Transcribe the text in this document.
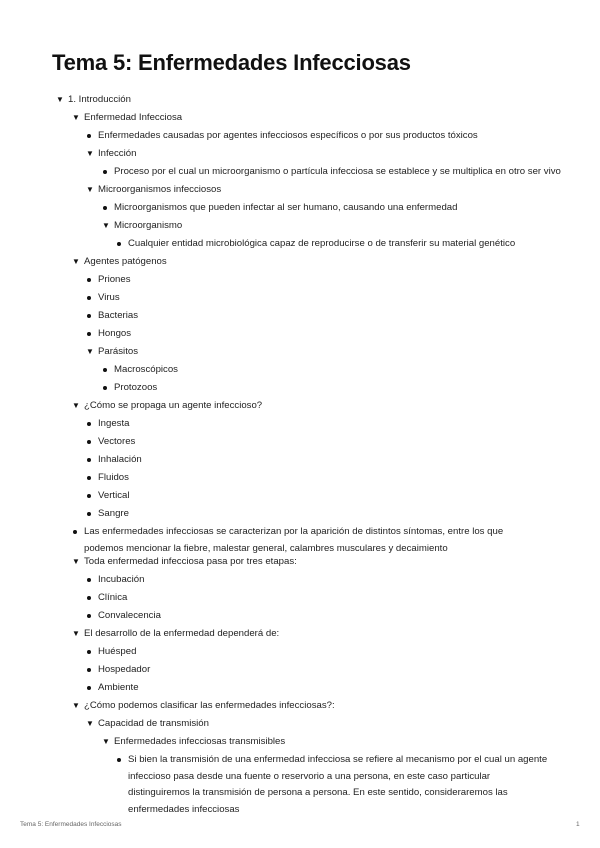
Tema 5: Enfermedades Infecciosas
▼ 1. Introducción
▼ Enfermedad Infecciosa
Enfermedades causadas por agentes infecciosos específicos o por sus productos tóxicos
▼ Infección
Proceso por el cual un microorganismo o partícula infecciosa se establece y se multiplica en otro ser vivo
▼ Microorganismos infecciosos
Microorganismos que pueden infectar al ser humano, causando una enfermedad
▼ Microorganismo
Cualquier entidad microbiológica capaz de reproducirse o de transferir su material genético
▼ Agentes patógenos
Priones
Virus
Bacterias
Hongos
▼ Parásitos
Macroscópicos
Protozoos
▼ ¿Cómo se propaga un agente infeccioso?
Ingesta
Vectores
Inhalación
Fluidos
Vertical
Sangre
Las enfermedades infecciosas se caracterizan por la aparición de distintos síntomas, entre los que podemos mencionar la fiebre, malestar general, calambres musculares y decaimiento
▼ Toda enfermedad infecciosa pasa por tres etapas:
Incubación
Clínica
Convalecencia
▼ El desarrollo de la enfermedad dependerá de:
Huésped
Hospedador
Ambiente
▼ ¿Cómo podemos clasificar las enfermedades infecciosas?:
▼ Capacidad de transmisión
▼ Enfermedades infecciosas transmisibles
Si bien la transmisión de una enfermedad infecciosa se refiere al mecanismo por el cual un agente infeccioso pasa desde una fuente o reservorio a una persona, en este caso particular distinguiremos la transmisión de persona a persona. En este sentido, consideraremos las enfermedades infecciosas
Tema 5: Enfermedades Infecciosas	1
